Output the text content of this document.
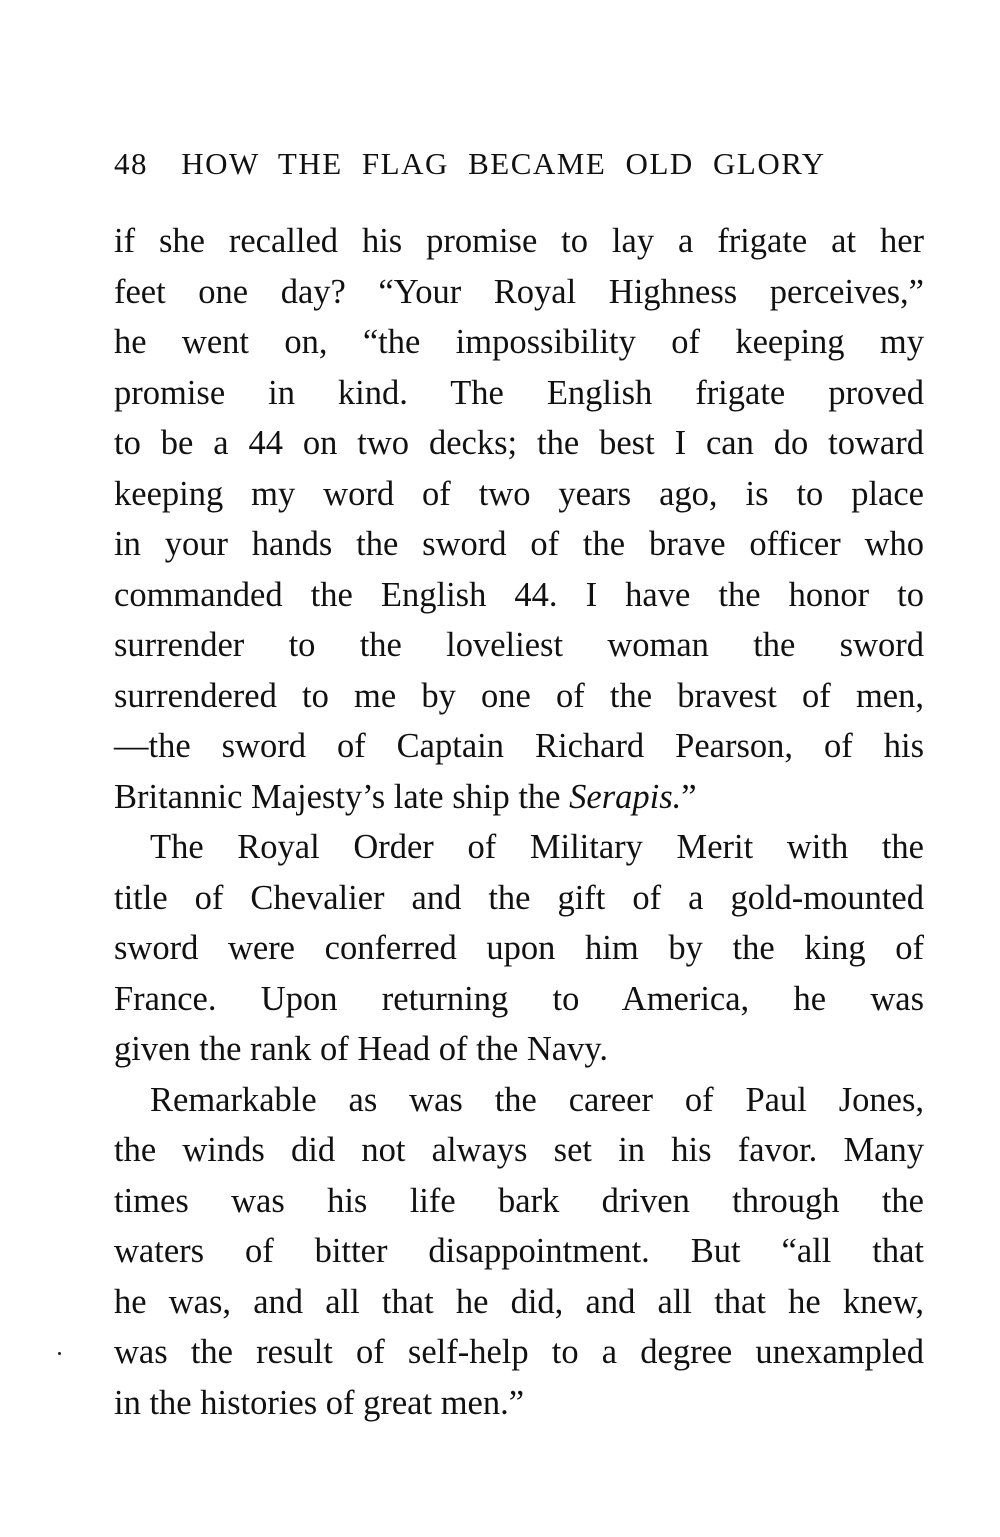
48 HOW THE FLAG BECAME OLD GLORY
if she recalled his promise to lay a frigate at her
feet one day? “Your Royal Highness perceives,”
he went on, “the impossibility of keeping my
promise in kind. The English frigate proved
to be a 44 on two decks; the best I can do toward
keeping my word of two years ago, is to place
in your hands the sword of the brave officer who
commanded the English 44. I have the honor to
surrender to the loveliest woman the sword
surrendered to me by one of the bravest of men,
—the sword of Captain Richard Pearson, of his
Britannic Majesty’s late ship the Serapis.”
The Royal Order of Military Merit with the
title of Chevalier and the gift of a gold-mounted
sword were conferred upon him by the king of
France. Upon returning to America, he was
given the rank of Head of the Navy.
Remarkable as was the career of Paul Jones,
the winds did not always set in his favor. Many
times was his life bark driven through the
waters of bitter disappointment. But “all that
he was, and all that he did, and all that he knew,
was the result of self-help to a degree unexampled
in the histories of great men.”
